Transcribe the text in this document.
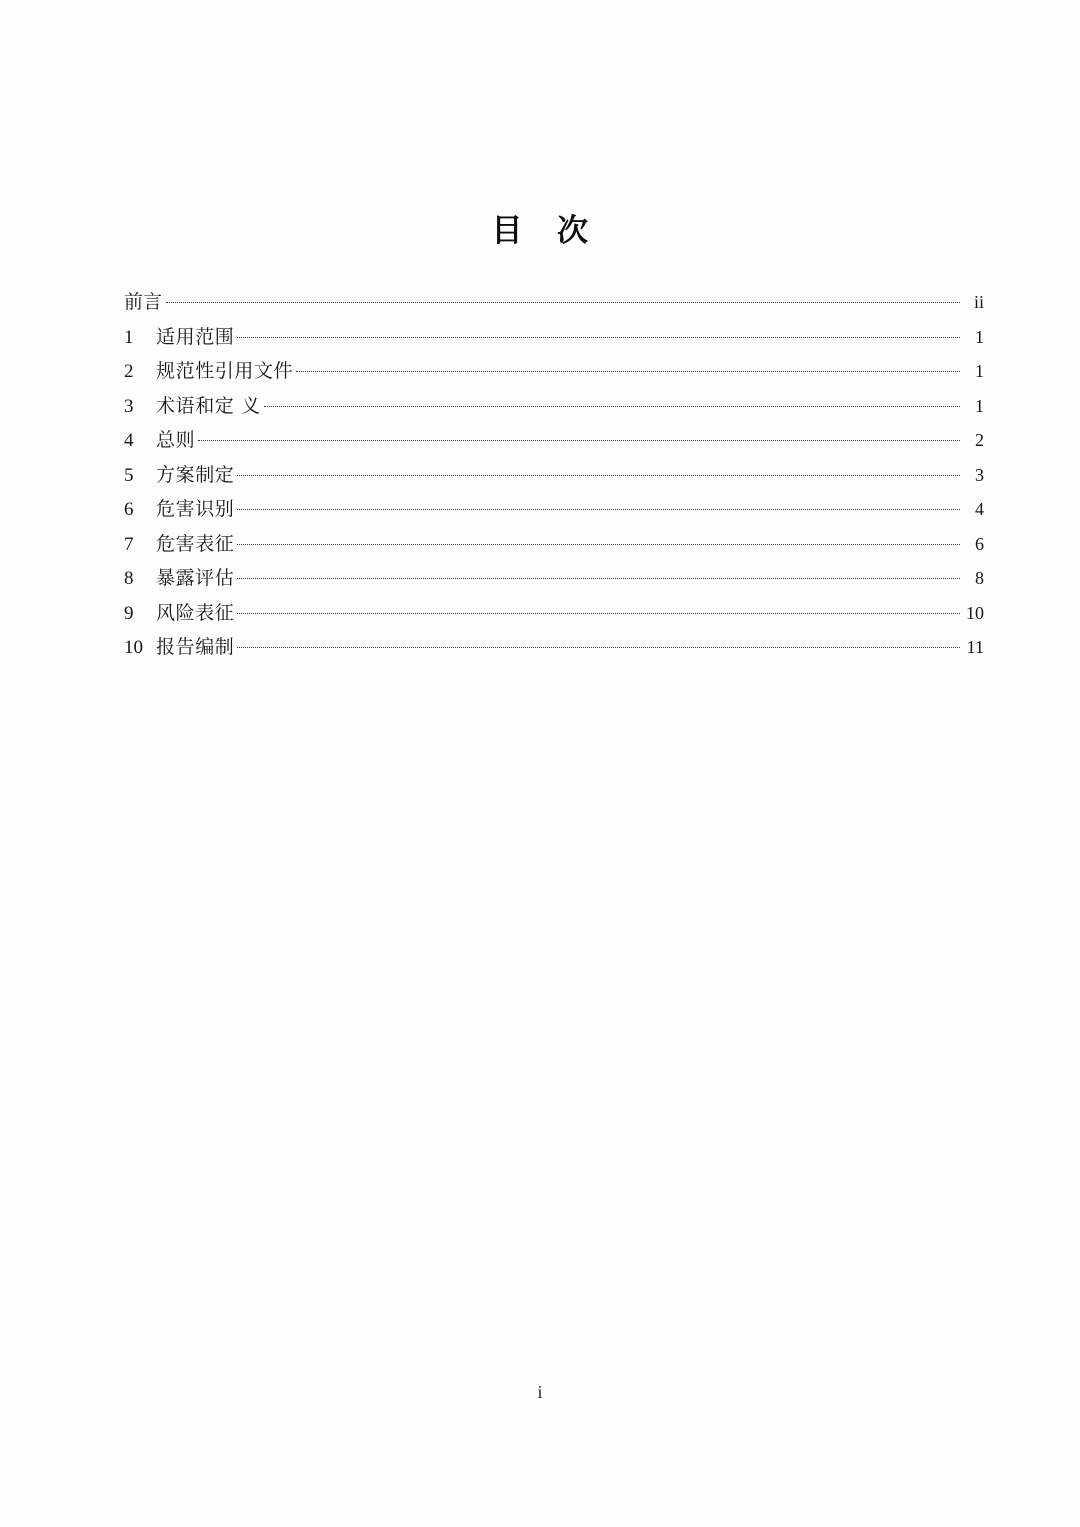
目 次
前 言	ii
1	适用范围	1
2	规范性引用文件	1
3	术语和定 义	1
4	总则	2
5	方案制定	3
6	危害识别	4
7	危害表征	6
8	暴露评估	8
9	风险表征	10
10 报告编制	11
i
